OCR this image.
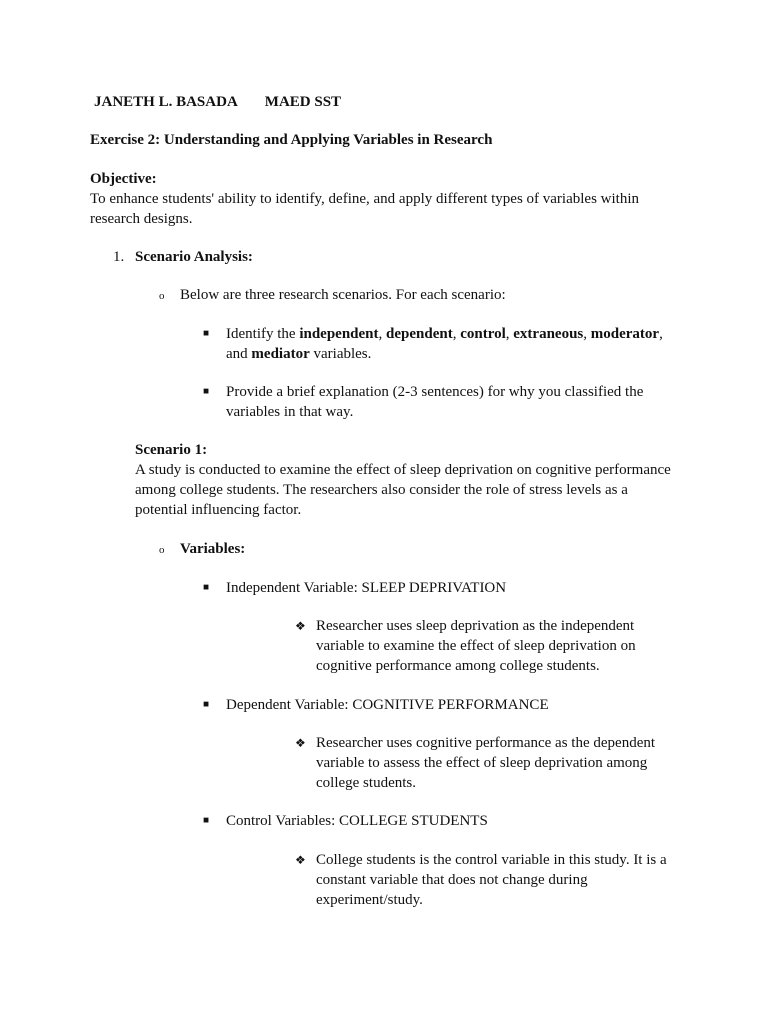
JANETH L. BASADA MAED SST
Exercise 2: Understanding and Applying Variables in Research
Objective:
To enhance students' ability to identify, define, and apply different types of variables within research designs.
1. Scenario Analysis:
o Below are three research scenarios. For each scenario:
■ Identify the independent, dependent, control, extraneous, moderator, and mediator variables.
■ Provide a brief explanation (2-3 sentences) for why you classified the variables in that way.
Scenario 1:
A study is conducted to examine the effect of sleep deprivation on cognitive performance among college students. The researchers also consider the role of stress levels as a potential influencing factor.
o Variables:
■ Independent Variable: SLEEP DEPRIVATION
❖ Researcher uses sleep deprivation as the independent variable to examine the effect of sleep deprivation on cognitive performance among college students.
■ Dependent Variable: COGNITIVE PERFORMANCE
❖ Researcher uses cognitive performance as the dependent variable to assess the effect of sleep deprivation among college students.
■ Control Variables: COLLEGE STUDENTS
❖ College students is the control variable in this study. It is a constant variable that does not change during experiment/study.
